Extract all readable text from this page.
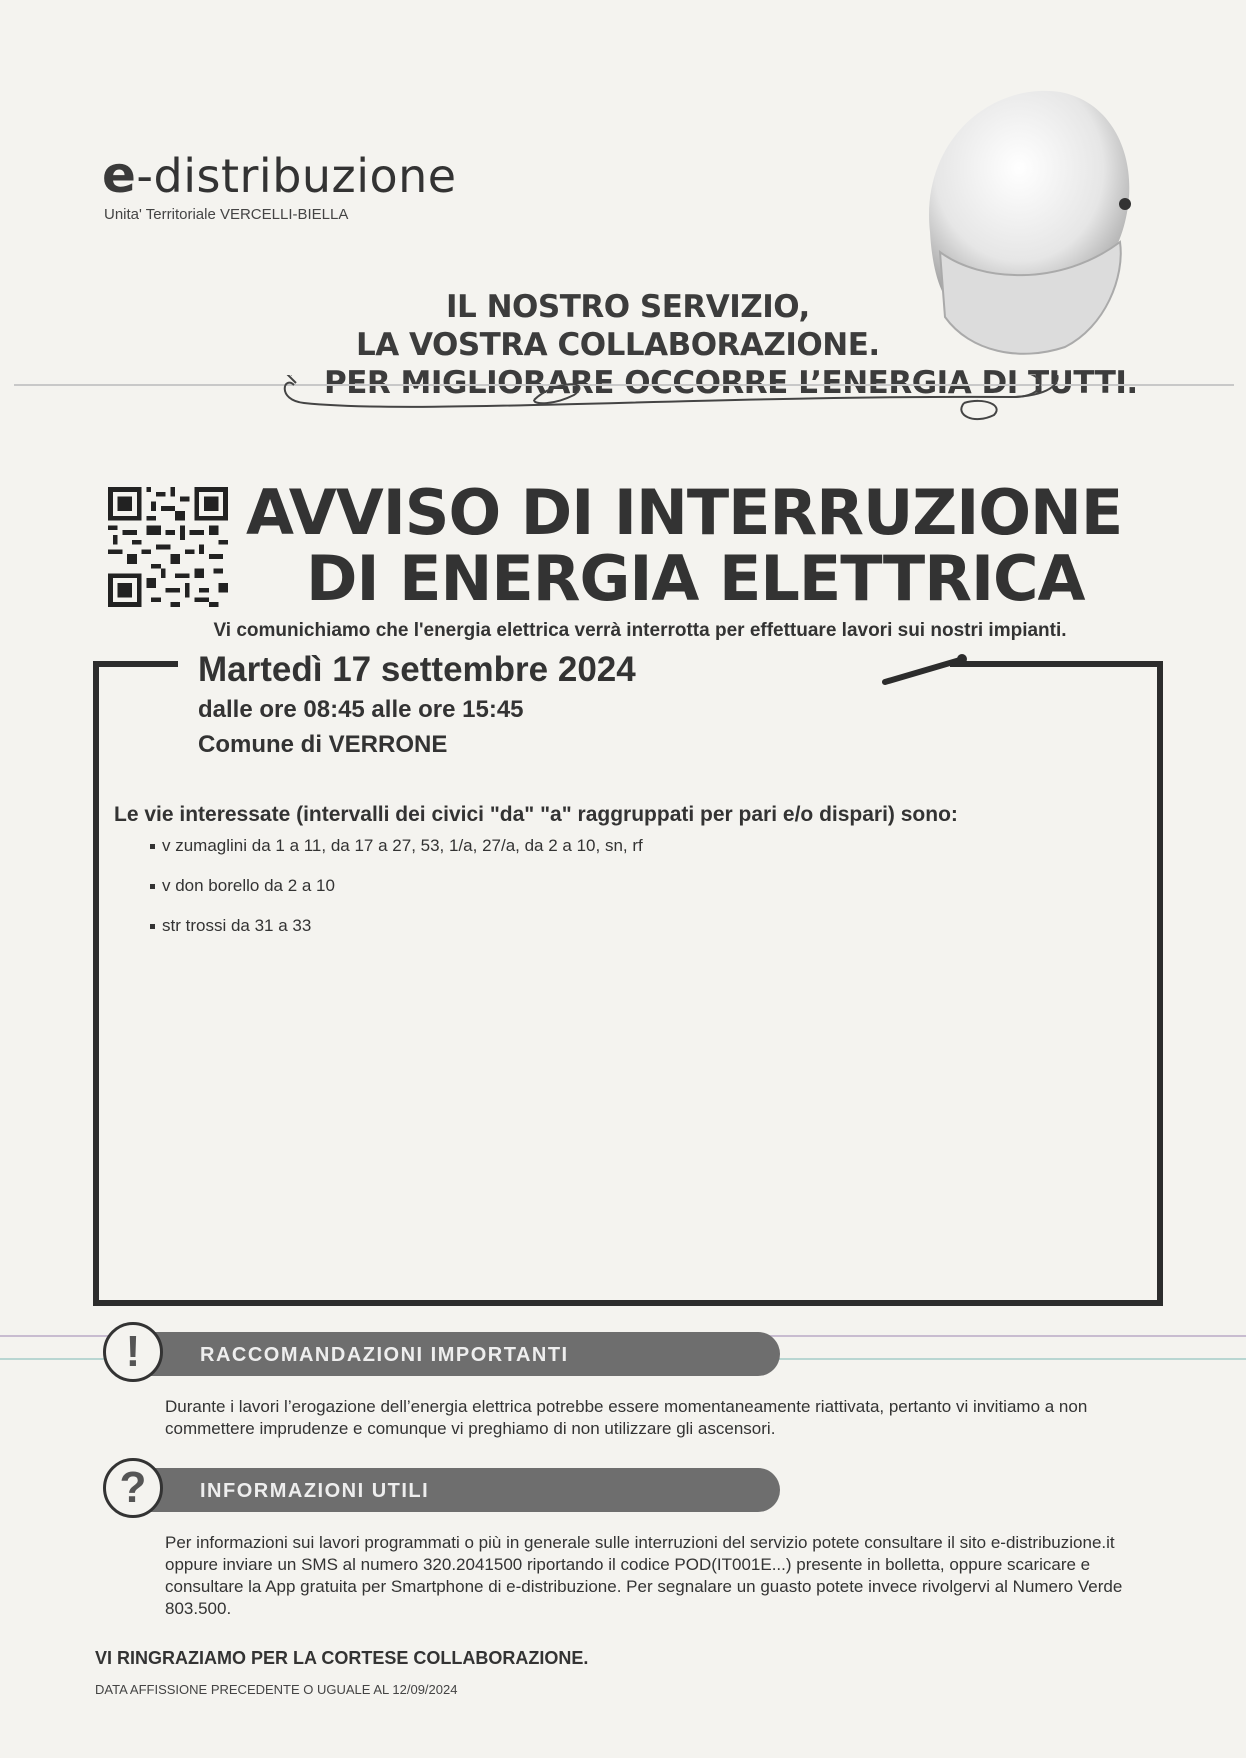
e-distribuzione
Unita' Territoriale VERCELLI-BIELLA
IL NOSTRO SERVIZIO,
LA VOSTRA COLLABORAZIONE.
PER MIGLIORARE OCCORRE L’ENERGIA DI TUTTI.
AVVISO DI INTERRUZIONE
DI ENERGIA ELETTRICA
Vi comunichiamo che l'energia elettrica verrà interrotta per effettuare lavori sui nostri impianti.
Martedì 17 settembre 2024
dalle ore 08:45 alle ore 15:45
Comune di VERRONE
Le vie interessate (intervalli dei civici "da" "a" raggruppati per pari e/o dispari) sono:
v zumaglini da 1 a 11, da 17 a 27, 53, 1/a, 27/a, da 2 a 10, sn, rf
v don borello da 2 a 10
str trossi da 31 a 33
!	RACCOMANDAZIONI IMPORTANTI
Durante i lavori l’erogazione dell’energia elettrica potrebbe essere momentaneamente riattivata, pertanto vi invitiamo a non commettere imprudenze e comunque vi preghiamo di non utilizzare gli ascensori.
?	INFORMAZIONI UTILI
Per informazioni sui lavori programmati o più in generale sulle interruzioni del servizio potete consultare il sito e-distribuzione.it oppure inviare un SMS al numero 320.2041500 riportando il codice POD(IT001E...) presente in bolletta, oppure scaricare e consultare la App gratuita per Smartphone di e-distribuzione. Per segnalare un guasto potete invece rivolgervi al Numero Verde 803.500.
VI RINGRAZIAMO PER LA CORTESE COLLABORAZIONE.
DATA AFFISSIONE PRECEDENTE O UGUALE AL 12/09/2024
